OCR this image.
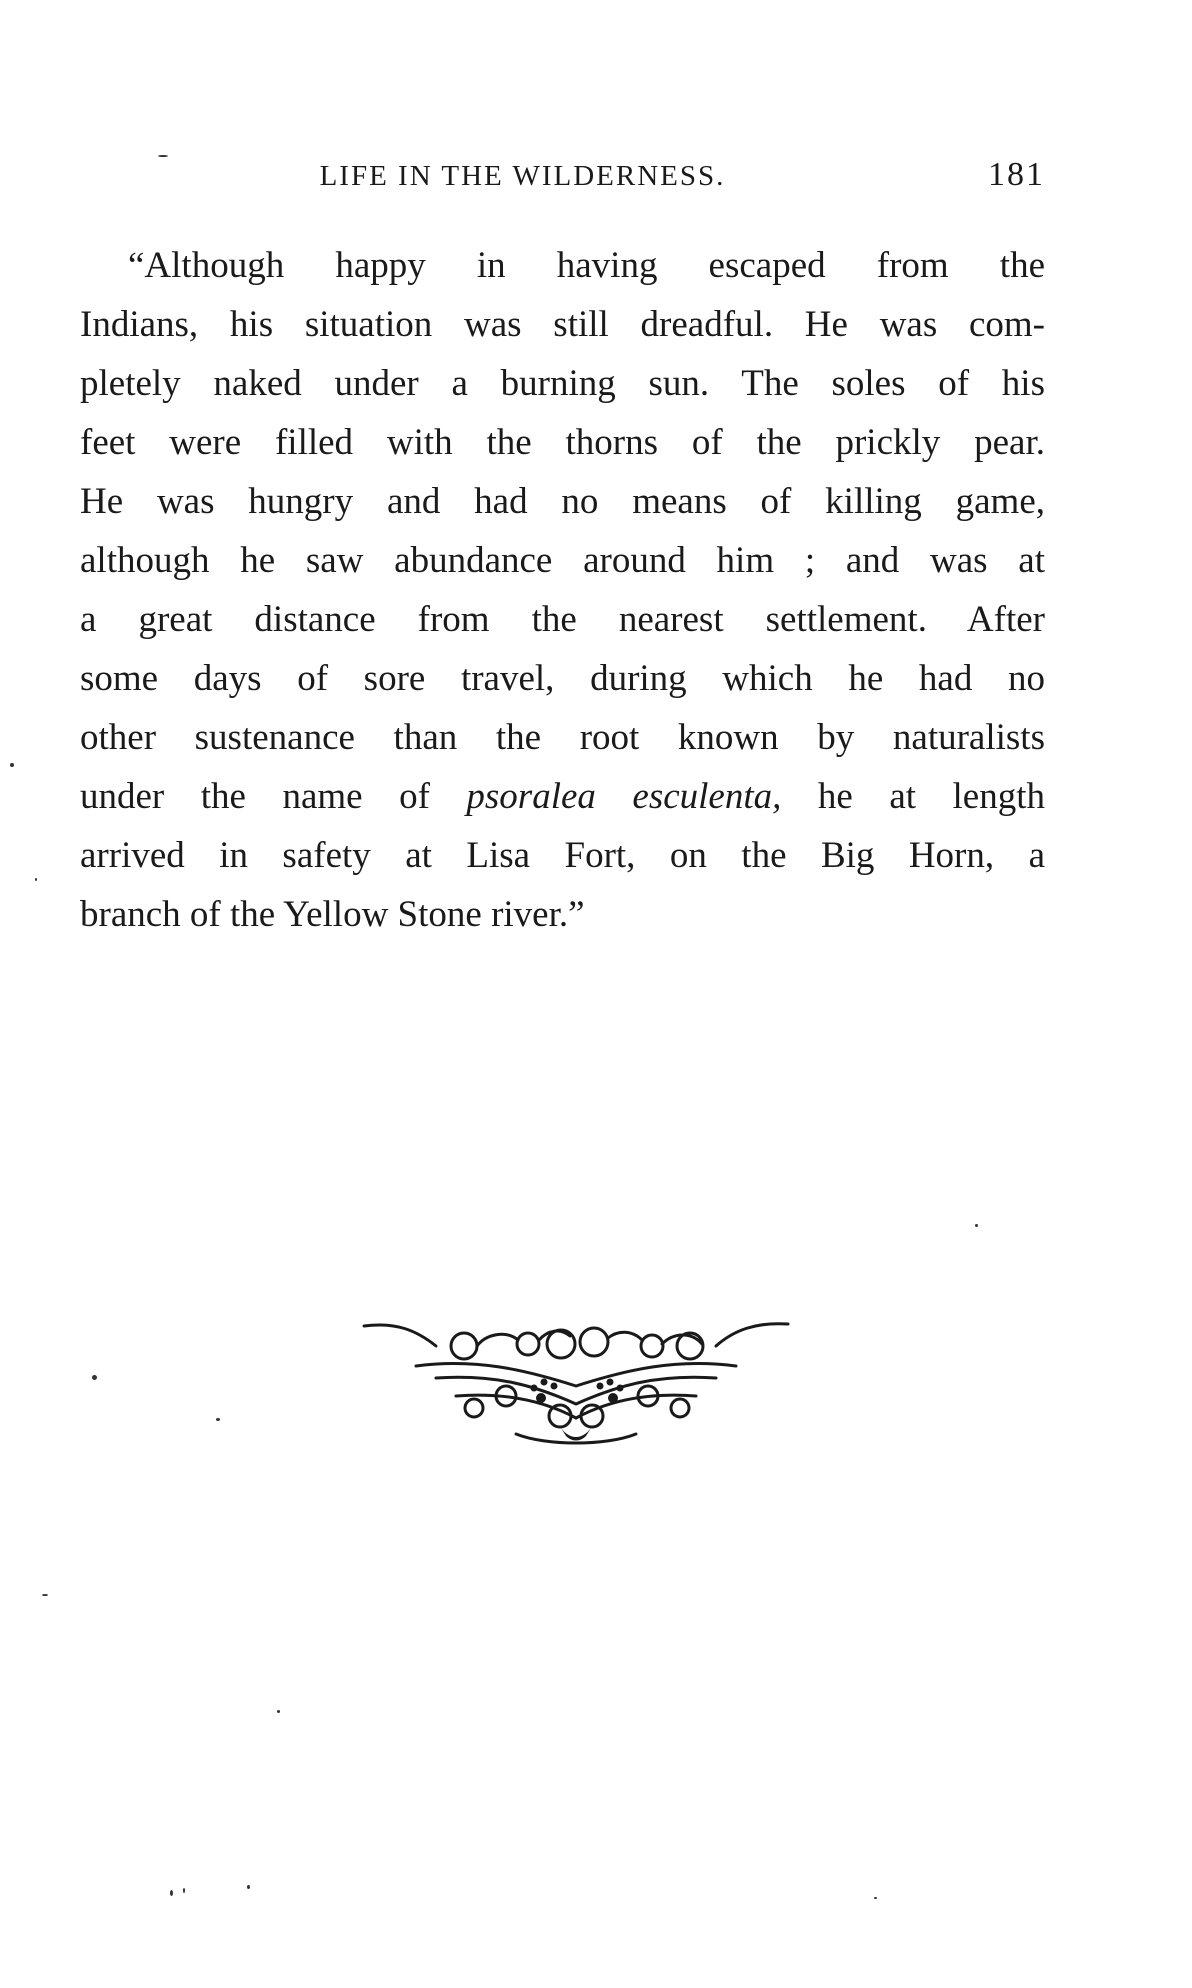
LIFE IN THE WILDERNESS.	181
“Although happy in having escaped from the
Indians, his situation was still dreadful. He was com-
pletely naked under a burning sun. The soles of his
feet were filled with the thorns of the prickly pear.
He was hungry and had no means of killing game,
although he saw abundance around him ; and was at
a great distance from the nearest settlement. After
some days of sore travel, during which he had no
other sustenance than the root known by naturalists
under the name of psoralea esculenta, he at length
arrived in safety at Lisa Fort, on the Big Horn, a
branch of the Yellow Stone river.”
